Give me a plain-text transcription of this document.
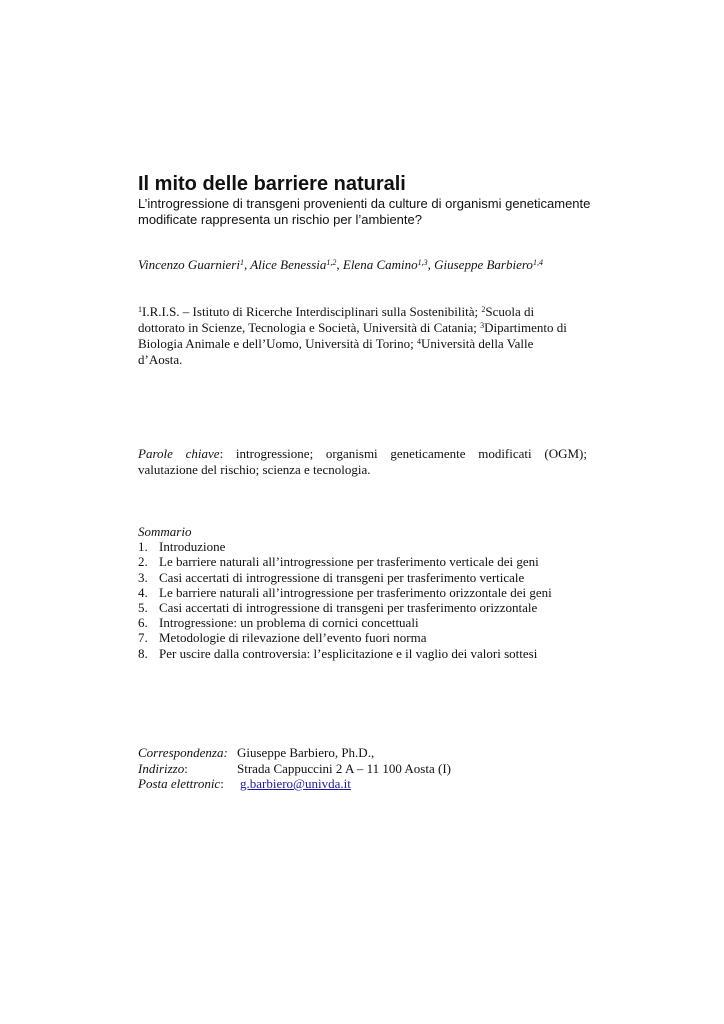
Il mito delle barriere naturali
L’introgressione di transgeni provenienti da culture di organismi geneticamente modificate rappresenta un rischio per l’ambiente?
Vincenzo Guarnieri$^1$, Alice Benessia$^{1,2}$, Elena Camino$^{1,3}$, Giuseppe Barbiero$^{1,4}$
$^1$I.R.I.S. – Istituto di Ricerche Interdisciplinari sulla Sostenibilità; $^2$Scuola di
dottorato in Scienze, Tecnologia e Società, Università di Catania; $^3$Dipartimento di
Biologia Animale e dell’Uomo, Università di Torino; $^4$Università della Valle
d’Aosta.
Parole chiave: introgressione; organismi geneticamente modificati (OGM);
valutazione del rischio; scienza e tecnologia.
Sommario
1. Introduzione
2. Le barriere naturali all’introgressione per trasferimento verticale dei geni
3. Casi accertati di introgressione di transgeni per trasferimento verticale
4. Le barriere naturali all’introgressione per trasferimento orizzontale dei geni
5. Casi accertati di introgressione di transgeni per trasferimento orizzontale
6. Introgressione: un problema di cornici concettuali
7. Metodologie di rilevazione dell’evento fuori norma
8. Per uscire dalla controversia: l’esplicitazione e il vaglio dei valori sottesi
Correspondenza: Giuseppe Barbiero, Ph.D.,
Indirizzo:	Strada Cappuccini 2 A – 11 100 Aosta (I)
Posta elettronic: g.barbiero@univda.it
